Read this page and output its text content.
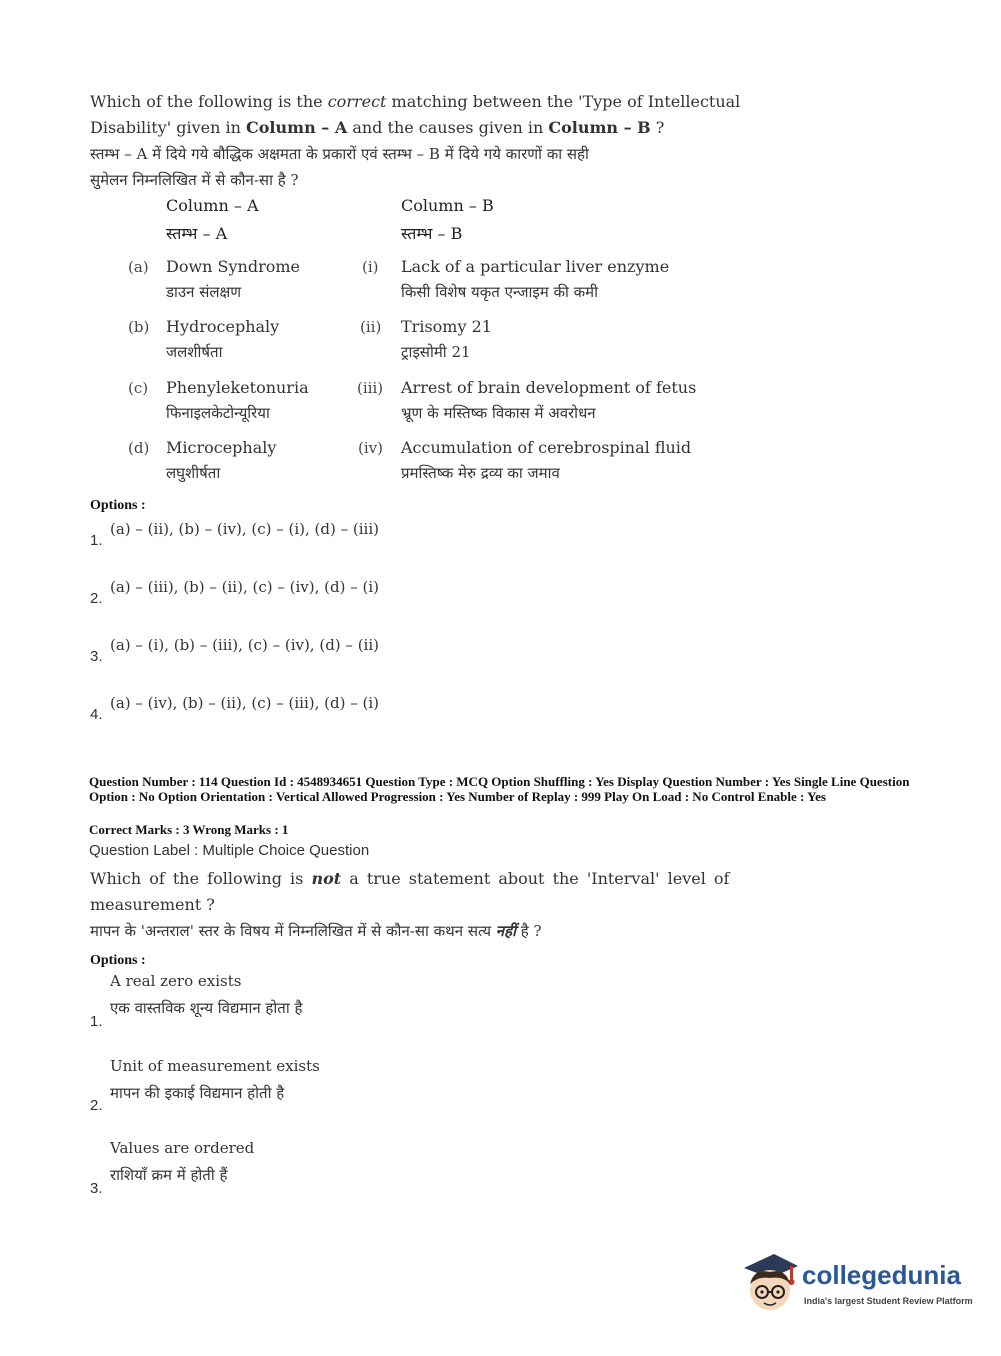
Which of the following is the correct matching between the 'Type of Intellectual
Disability' given in Column – A and the causes given in Column – B ?
स्तम्भ – A में दिये गये बौद्धिक अक्षमता के प्रकारों एवं स्तम्भ – B में दिये गये कारणों का सही
सुमेलन निम्नलिखित में से कौन-सा है ?
Column – A
स्तम्भ – A
Column – B
स्तम्भ – B
(a) Down Syndrome
डाउन संलक्षण
(i) Lack of a particular liver enzyme
किसी विशेष यकृत एन्जाइम की कमी
(b) Hydrocephaly
जलशीर्षता
(ii) Trisomy 21
ट्राइसोमी 21
(c) Phenyleketonuria
फिनाइलकेटोन्यूरिया
(iii) Arrest of brain development of fetus
भ्रूण के मस्तिष्क विकास में अवरोधन
(d) Microcephaly
लघुशीर्षता
(iv) Accumulation of cerebrospinal fluid
प्रमस्तिष्क मेरु द्रव्य का जमाव
Options :
1.
(a) – (ii), (b) – (iv), (c) – (i), (d) – (iii)
2.
(a) – (iii), (b) – (ii), (c) – (iv), (d) – (i)
3.
(a) – (i), (b) – (iii), (c) – (iv), (d) – (ii)
4.
(a) – (iv), (b) – (ii), (c) – (iii), (d) – (i)
Question Number : 114 Question Id : 4548934651 Question Type : MCQ Option Shuffling : Yes Display Question Number : Yes Single Line Question Option : No Option Orientation : Vertical Allowed Progression : Yes Number of Replay : 999 Play On Load : No Control Enable : Yes
Correct Marks : 3 Wrong Marks : 1
Question Label : Multiple Choice Question
Which of the following is not a true statement about the 'Interval' level of
measurement ?
मापन के 'अन्तराल' स्तर के विषय में निम्नलिखित में से कौन-सा कथन सत्य नहीं है ?
Options :
A real zero exists
एक वास्तविक शून्य विद्यमान होता है
1.
Unit of measurement exists
मापन की इकाई विद्यमान होती है
2.
Values are ordered
राशियाँ क्रम में होती हैं
3.
collegedunia
India's largest Student Review Platform
